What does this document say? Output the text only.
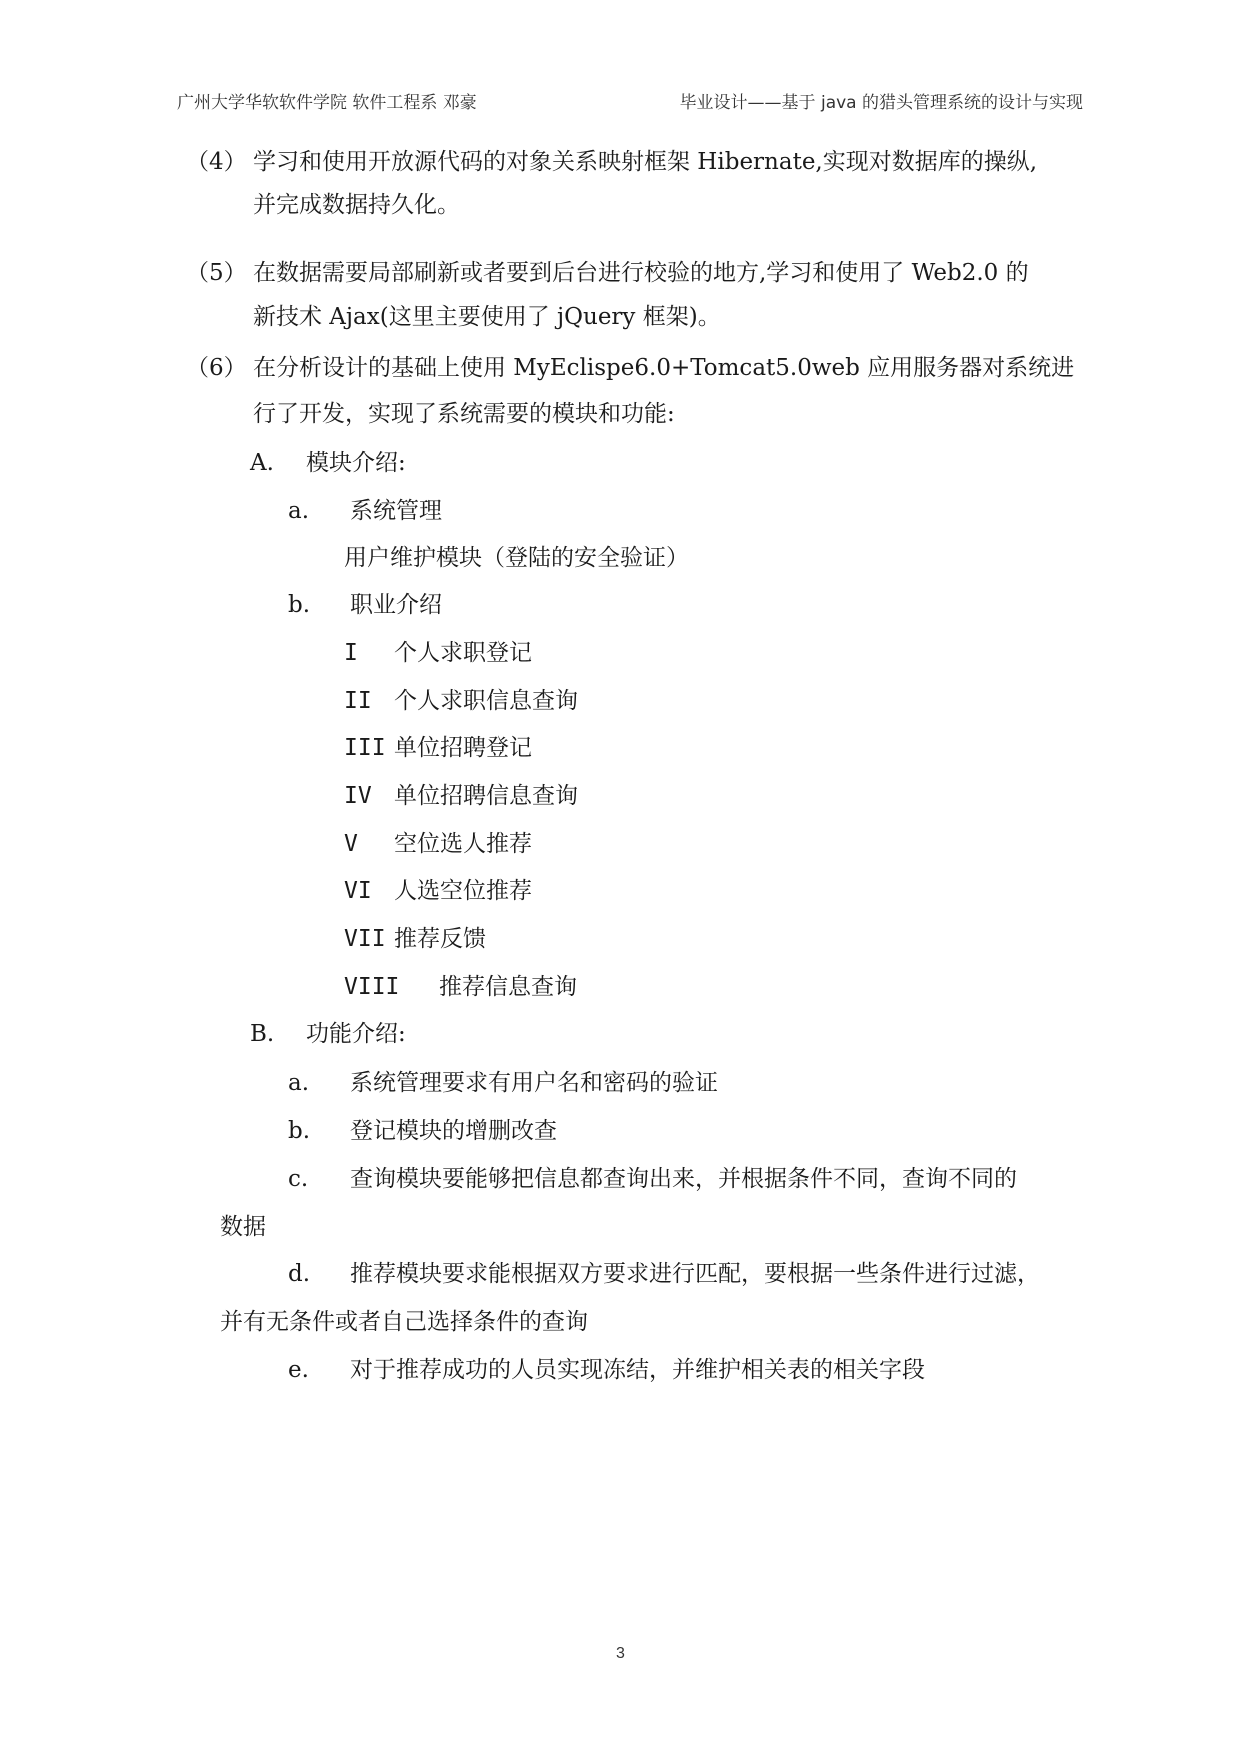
广州大学华软软件学院 软件工程系 邓豪	毕业设计——基于 java 的猎头管理系统的设计与实现
（4） 学习和使用开放源代码的对象关系映射框架 Hibernate,实现对数据库的操纵,
并完成数据持久化。
（5） 在数据需要局部刷新或者要到后台进行校验的地方,学习和使用了 Web2.0 的
新技术 Ajax(这里主要使用了 jQuery 框架)。
（6） 在分析设计的基础上使用 MyEclispe6.0+Tomcat5.0web 应用服务器对系统进
行了开发，实现了系统需要的模块和功能:
A. 模块介绍:
a. 系统管理
用户维护模块（登陆的安全验证）
b. 职业介绍
I 个人求职登记
II 个人求职信息查询
III 单位招聘登记
IV 单位招聘信息查询
V 空位选人推荐
VI 人选空位推荐
VII 推荐反馈
VIII 推荐信息查询
B. 功能介绍:
a. 系统管理要求有用户名和密码的验证
b. 登记模块的增删改查
c. 查询模块要能够把信息都查询出来，并根据条件不同，查询不同的
数据
d. 推荐模块要求能根据双方要求进行匹配，要根据一些条件进行过滤，
并有无条件或者自己选择条件的查询
e. 对于推荐成功的人员实现冻结，并维护相关表的相关字段
3
